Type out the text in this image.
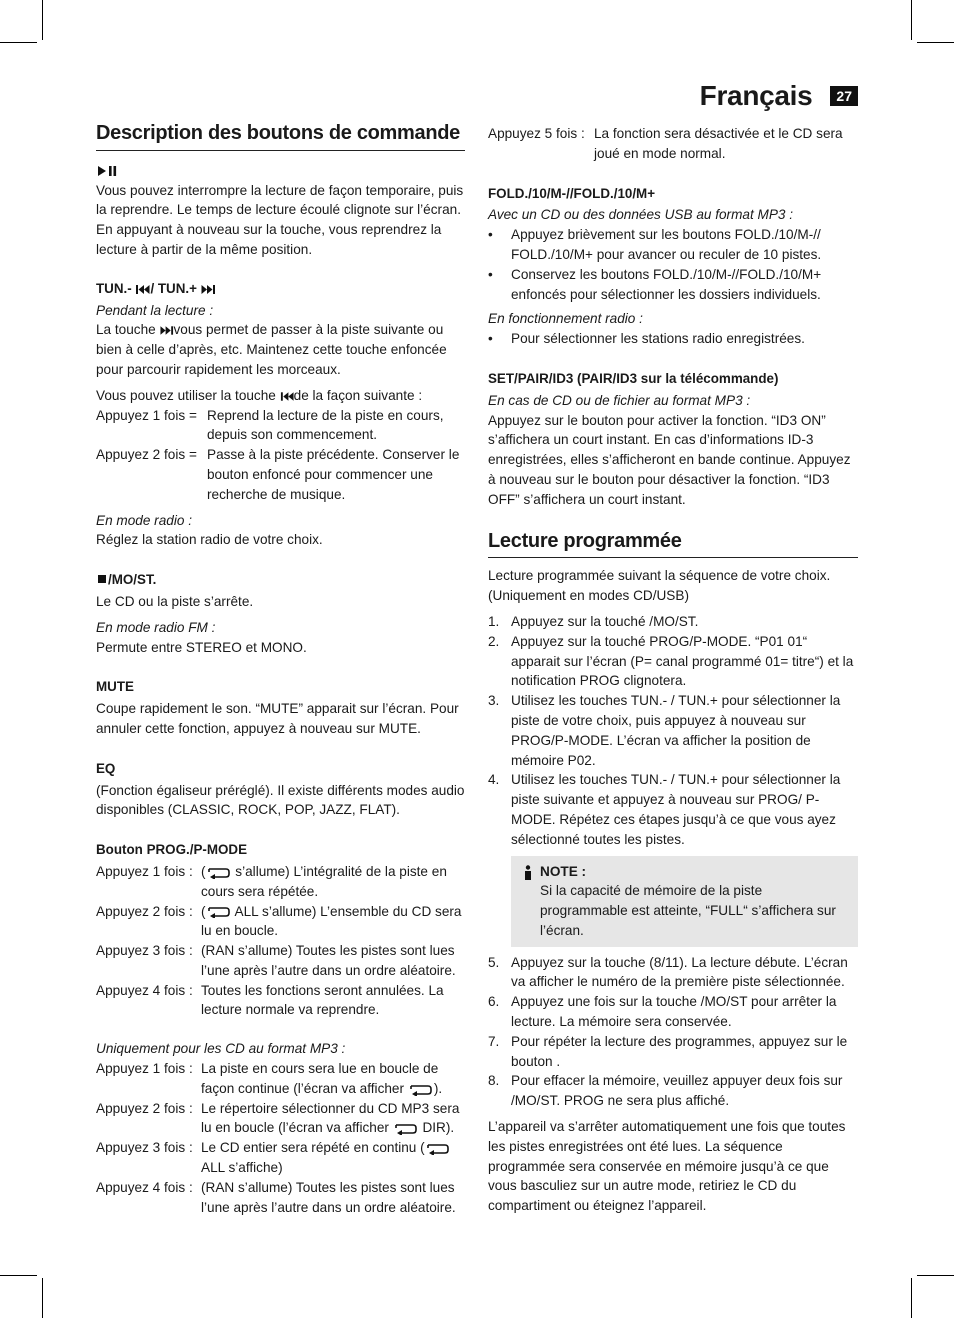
Français	27
Description des boutons de commande

Vous pouvez interrompre la lecture de façon temporaire, puis la reprendre. Le temps de lecture écoulé clignote sur l’écran. En appuyant à nouveau sur la touche, vous reprendrez la lecture à partir de la même position.

TUN.- / TUN.+

Pendant la lecture :

La touche vous permet de passer à la piste suivante ou bien à celle d’après, etc. Maintenez cette touche enfoncée pour parcourir rapidement les morceaux.

Vous pouvez utiliser la touche de la façon suivante :

Appuyez 1 fois = Reprend la lecture de la piste en cours, depuis son commencement.
Appuyez 2 fois = Passe à la piste précédente. Conserver le bouton enfoncé pour commencer une recherche de musique.

En mode radio :

Réglez la station radio de votre choix.

/MO/ST.

Le CD ou la piste s’arrête.

En mode radio FM :

Permute entre STEREO et MONO.

MUTE

Coupe rapidement le son. “MUTE” apparait sur l’écran. Pour annuler cette fonction, appuyez à nouveau sur MUTE.

EQ

(Fonction égaliseur préréglé). Il existe différents modes audio disponibles (CLASSIC, ROCK, POP, JAZZ, FLAT).

Bouton PROG./P-MODE

Appuyez 1 fois : ( s’allume) L’intégralité de la piste en cours sera répétée.
Appuyez 2 fois : ( ALL s’allume) L’ensemble du CD sera lu en boucle.
Appuyez 3 fois : (RAN s’allume) Toutes les pistes sont lues l’une après l’autre dans un ordre aléatoire.
Appuyez 4 fois : Toutes les fonctions seront annulées. La lecture normale va reprendre.

Uniquement pour les CD au format MP3 :

Appuyez 1 fois : La piste en cours sera lue en boucle de façon continue (l’écran va afficher ).
Appuyez 2 fois : Le répertoire sélectionner du CD MP3 sera lu en boucle (l’écran va afficher  DIR).
Appuyez 3 fois : Le CD entier sera répété en continu ( ALL s’affiche)
Appuyez 4 fois : (RAN s’allume) Toutes les pistes sont lues l’une après l’autre dans un ordre aléatoire.
Appuyez 5 fois : La fonction sera désactivée et le CD sera joué en mode normal.

FOLD./10/M-//FOLD./10/M+

Avec un CD ou des données USB au format MP3 :

•	Appuyez brièvement sur les boutons FOLD./10/M-// FOLD./10/M+ pour avancer ou reculer de 10 pistes.
•	Conservez les boutons FOLD./10/M-//FOLD./10/M+ enfoncés pour sélectionner les dossiers individuels.

En fonctionnement radio :

•	Pour sélectionner les stations radio enregistrées.

SET/PAIR/ID3 (PAIR/ID3 sur la télécommande)

En cas de CD ou de fichier au format MP3 :

Appuyez sur le bouton pour activer la fonction. “ID3 ON” s’affichera un court instant. En cas d’informations ID-3 enregistrées, elles s’afficheront en bande continue. Appuyez à nouveau sur le bouton pour désactiver la fonction. “ID3 OFF” s’affichera un court instant.

Lecture programmée

Lecture programmée suivant la séquence de votre choix. (Uniquement en modes CD/USB)

1. Appuyez sur la touché /MO/ST.
2. Appuyez sur la touché PROG/P-MODE. “P01 01“ apparait sur l’écran (P= canal programmé 01= titre“) et la notification PROG clignotera.
3. Utilisez les touches TUN.- / TUN.+ pour sélectionner la piste de votre choix, puis appuyez à nouveau sur PROG/P-MODE. L’écran va afficher la position de mémoire P02.
4. Utilisez les touches TUN.- / TUN.+ pour sélectionner la piste suivante et appuyez à nouveau sur PROG/ P-MODE. Répétez ces étapes jusqu’à ce que vous ayez sélectionné toutes les pistes.
NOTE :
Si la capacité de mémoire de la piste programmable est atteinte, “FULL“ s’affichera sur l’écran.
5. Appuyez sur la touche (8/11). La lecture débute. L’écran va afficher le numéro de la première piste sélectionnée.
6. Appuyez une fois sur la touche /MO/ST pour arrêter la lecture. La mémoire sera conservée.
7. Pour répéter la lecture des programmes, appuyez sur le bouton .
8. Pour effacer la mémoire, veuillez appuyer deux fois sur /MO/ST. PROG ne sera plus affiché.

L’appareil va s’arrêter automatiquement une fois que toutes les pistes enregistrées ont été lues. La séquence programmée sera conservée en mémoire jusqu’à ce que vous basculiez sur un autre mode, retiriez le CD du compartiment ou éteignez l’appareil.
